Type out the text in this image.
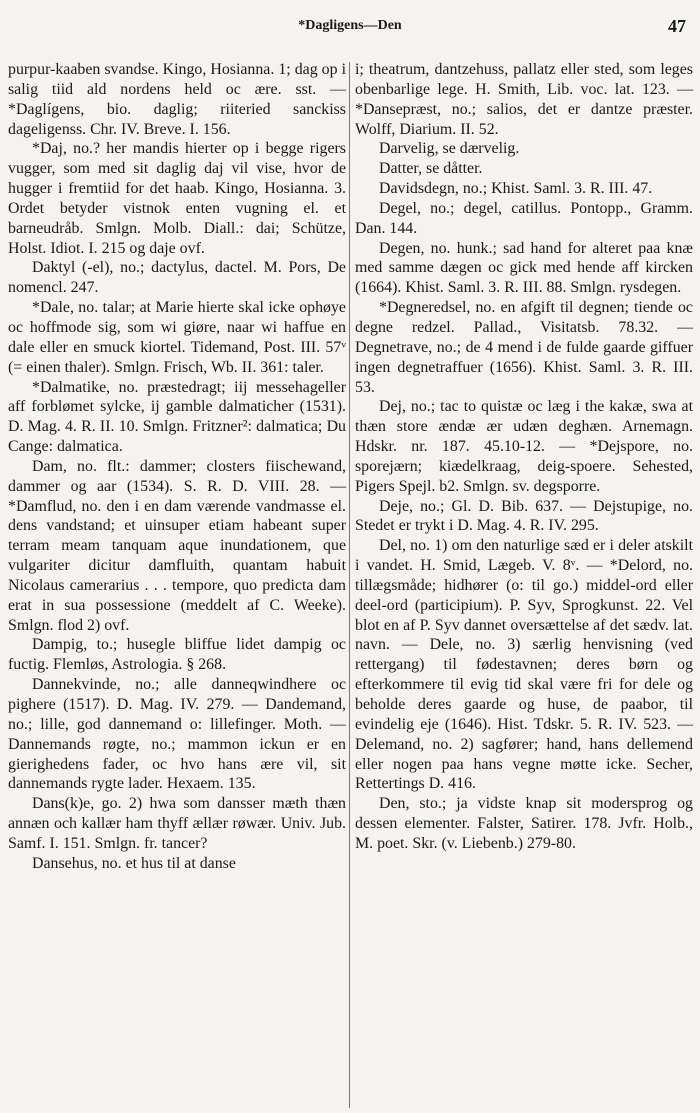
*Dagligens—Den	47

purpur-kaaben svandse. Kingo, Hosianna. 1; dag op i salig tiid ald nordens held oc ære. sst. — *Daglígens, bio. daglig; riiteried sanckiss dageligenss. Chr. IV. Breve. I. 156.

*Daj, no.? her mandis hierter op i begge rigers vugger, som med sit daglig daj vil vise, hvor de hugger i fremtiid for det haab. Kingo, Hosianna. 3. Ordet betyder vistnok enten vugning el. et barneudråb. Smlgn. Molb. Diall.: dai; Schütze, Holst. Idiot. I. 215 og daje ovf.

Daktyl (-el), no.; dactylus, dactel. M. Pors, De nomencl. 247.

*Dale, no. talar; at Marie hierte skal icke ophøye oc hoffmode sig, som wi giøre, naar wi haffue en dale eller en smuck kiortel. Tidemand, Post. III. 57ᵛ (= einen thaler). Smlgn. Frisch, Wb. II. 361: taler.

*Dalmatike, no. præstedragt; iij messehageller aff forblømet sylcke, ij gamble dalmaticher (1531). D. Mag. 4. R. II. 10. Smlgn. Fritzner²: dalmatica; Du Cange: dalmatica.

Dam, no. flt.: dammer; closters fiischewand, dammer og aar (1534). S. R. D. VIII. 28. — *Damflud, no. den i en dam værende vandmasse el. dens vandstand; et uinsuper etiam habeant super terram meam tanquam aque inundationem, que vulgariter dicitur damfluith, quantam habuit Nicolaus camerarius . . . tempore, quo predicta dam erat in sua possessione (meddelt af C. Weeke). Smlgn. flod 2) ovf.

Dampig, to.; husegle bliffue lidet dampig oc fuctig. Flemløs, Astrologia. § 268.

Dannekvinde, no.; alle danneqwindhere oc pighere (1517). D. Mag. IV. 279. — Dandemand, no.; lille, god dannemand o: lillefinger. Moth. — Dannemands røgte, no.; mammon ickun er en gierighedens fader, oc hvo hans ære vil, sit dannemands rygte lader. Hexaem. 135.

Dans(k)e, go. 2) hwa som dansser mæth thæn annæn och kallær ham thyff ællær røwær. Univ. Jub. Samf. I. 151. Smlgn. fr. tancer?

Dansehus, no. et hus til at danse

i; theatrum, dantzehuss, pallatz eller sted, som leges obenbarlige lege. H. Smith, Lib. voc. lat. 123. — *Dansepræst, no.; salios, det er dantze præster. Wolff, Diarium. II. 52.

Darvelig, se dærvelig.

Datter, se dåtter.

Davidsdegn, no.; Khist. Saml. 3. R. III. 47.

Degel, no.; degel, catillus. Pontopp., Gramm. Dan. 144.

Degen, no. hunk.; sad hand for alteret paa knæ med samme dægen oc gick med hende aff kircken (1664). Khist. Saml. 3. R. III. 88. Smlgn. rysdegen.

*Degneredsel, no. en afgift til degnen; tiende oc degne redzel. Pallad., Visitatsb. 78.32. — Degnetrave, no.; de 4 mend i de fulde gaarde giffuer ingen degnetraffuer (1656). Khist. Saml. 3. R. III. 53.

Dej, no.; tac to quistæ oc læg i the kakæ, swa at thæn store ændæ ær udæn deghæn. Arnemagn. Hdskr. nr. 187. 45.10-12. — *Dejspore, no. sporejærn; kiædelkraag, deig-spoere. Sehested, Pigers Spejl. b2. Smlgn. sv. degsporre.

Deje, no.; Gl. D. Bib. 637. — Dejstupige, no. Stedet er trykt i D. Mag. 4. R. IV. 295.

Del, no. 1) om den naturlige sæd er i deler atskilt i vandet. H. Smid, Lægeb. V. 8ᵛ. — *Delord, no. tillægsmåde; hidhører (o: til go.) middel-ord eller deel-ord (participium). P. Syv, Sprogkunst. 22. Vel blot en af P. Syv dannet oversættelse af det sædv. lat. navn. — Dele, no. 3) særlig henvisning (ved rettergang) til fødestavnen; deres børn og efterkommere til evig tid skal være fri for dele og beholde deres gaarde og huse, de paabor, til evindelig eje (1646). Hist. Tdskr. 5. R. IV. 523. — Delemand, no. 2) sagfører; hand, hans dellemend eller nogen paa hans vegne møtte icke. Secher, Rettertings D. 416.

Den, sto.; ja vidste knap sit modersprog og dessen elementer. Falster, Satirer. 178. Jvfr. Holb., M. poet. Skr. (v. Liebenb.) 279-80.
